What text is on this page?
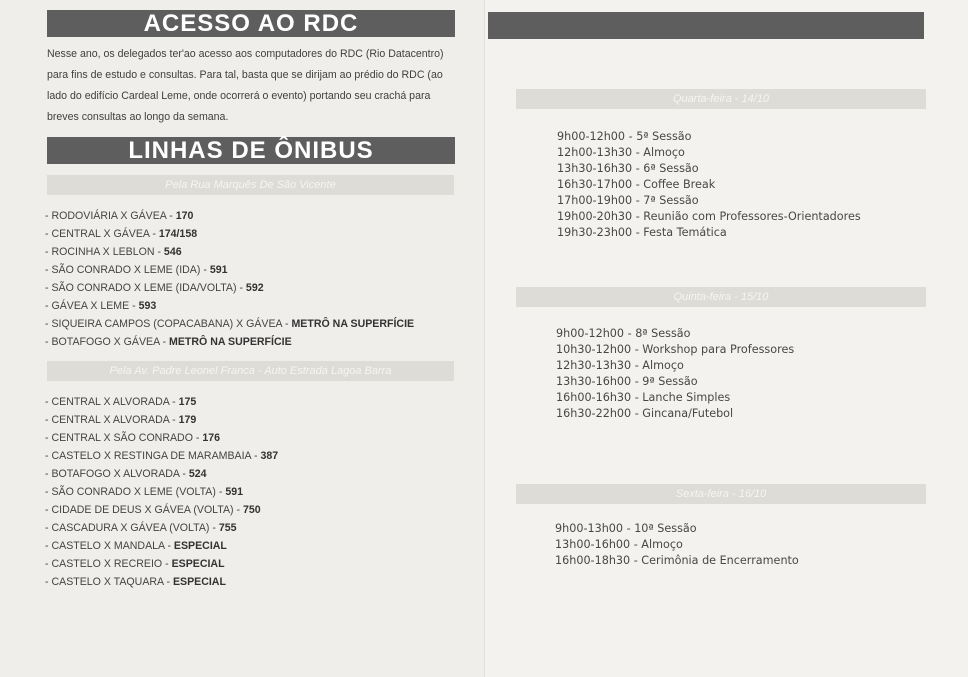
ACESSO AO RDC
Nesse ano, os delegados ter'ao acesso aos computadores do RDC (Rio Datacentro) para fins de estudo e consultas. Para tal, basta que se dirijam ao prédio do RDC (ao lado do edifício Cardeal Leme, onde ocorrerá o evento) portando seu crachá para breves consultas ao longo da semana.
LINHAS DE ÔNIBUS
Pela Rua Marquês De São Vicente
- RODOVIÁRIA X GÁVEA - 170
- CENTRAL X GÁVEA - 174/158
- ROCINHA X LEBLON - 546
- SÃO CONRADO X LEME (IDA) - 591
- SÃO CONRADO X LEME (IDA/VOLTA) - 592
- GÁVEA X LEME - 593
- SIQUEIRA CAMPOS (COPACABANA) X GÁVEA - METRÔ NA SUPERFÍCIE
- BOTAFOGO X GÁVEA - METRÔ NA SUPERFÍCIE
Pela Av. Padre Leonel Franca - Auto Estrada Lagoa Barra
- CENTRAL X ALVORADA - 175
- CENTRAL X ALVORADA - 179
- CENTRAL X SÃO CONRADO - 176
- CASTELO X RESTINGA DE MARAMBAIA - 387
- BOTAFOGO X ALVORADA - 524
- SÃO CONRADO X LEME (VOLTA) - 591
- CIDADE DE DEUS X GÁVEA (VOLTA) - 750
- CASCADURA X GÁVEA (VOLTA) - 755
- CASTELO X MANDALA - ESPECIAL
- CASTELO X RECREIO - ESPECIAL
- CASTELO X TAQUARA - ESPECIAL
Quarta-feira - 14/10
9h00-12h00 - 5ª Sessão
12h00-13h30 - Almoço
13h30-16h30 - 6ª Sessão
16h30-17h00 - Coffee Break
17h00-19h00 - 7ª Sessão
19h00-20h30 - Reunião com Professores-Orientadores
19h30-23h00 - Festa Temática
Quinta-feira - 15/10
9h00-12h00 - 8ª Sessão
10h30-12h00 - Workshop para Professores
12h30-13h30 - Almoço
13h30-16h00 - 9ª Sessão
16h00-16h30 - Lanche Simples
16h30-22h00 - Gincana/Futebol
Sexta-feira - 16/10
9h00-13h00 - 10ª Sessão
13h00-16h00 - Almoço
16h00-18h30 - Cerimônia de Encerramento
